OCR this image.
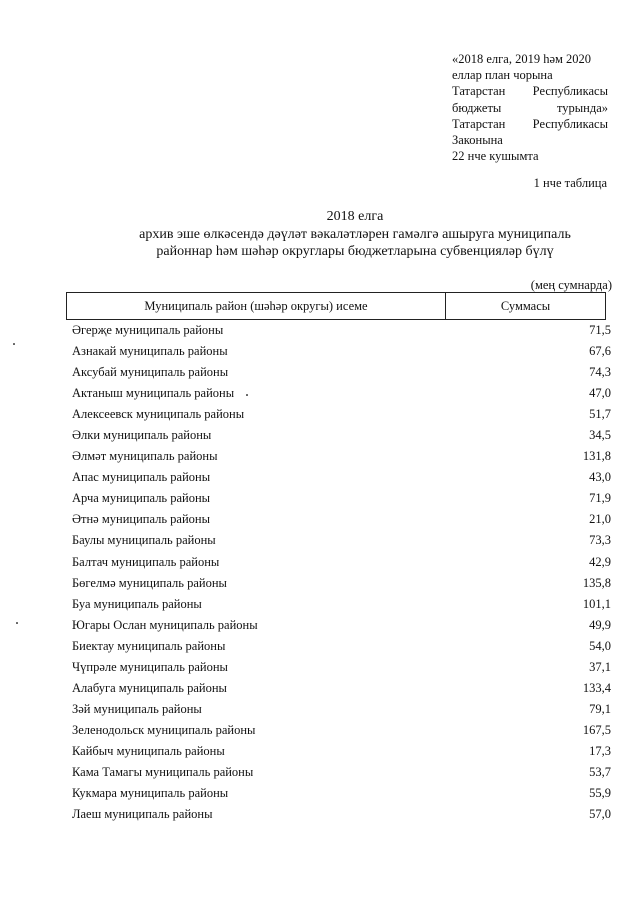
«2018 елга, 2019 һәм 2020
еллар план чорына
Татарстан Республикасы
бюджеты	турында»
Татарстан Республикасы
Законына
22 нче кушымта
1 нче таблица
2018 елга
архив эше өлкәсендә дәүләт вәкаләтләрен гамәлгә ашыруга муниципаль
районнар һәм шәһәр округлары бюджетларына субвенцияләр бүлү
(мең сумнарда)
Муниципаль район (шәһәр округы) исеме	Суммасы
Әгерҗе муниципаль районы	71,5
Азнакай муниципаль районы	67,6
Аксубай муниципаль районы	74,3
Актаныш муниципаль районы	47,0
Алексеевск муниципаль районы	51,7
Әлки муниципаль районы	34,5
Әлмәт муниципаль районы	131,8
Апас муниципаль районы	43,0
Арча муниципаль районы	71,9
Әтнә муниципаль районы	21,0
Баулы муниципаль районы	73,3
Балтач муниципаль районы	42,9
Бөгелмә муниципаль районы	135,8
Буа муниципаль районы	101,1
Югары Ослан муниципаль районы	49,9
Биектау муниципаль районы	54,0
Чүпрәле муниципаль районы	37,1
Алабуга муниципаль районы	133,4
Зәй муниципаль районы	79,1
Зеленодольск муниципаль районы	167,5
Кайбыч муниципаль районы	17,3
Кама Тамагы муниципаль районы	53,7
Кукмара муниципаль районы	55,9
Лаеш муниципаль районы	57,0
